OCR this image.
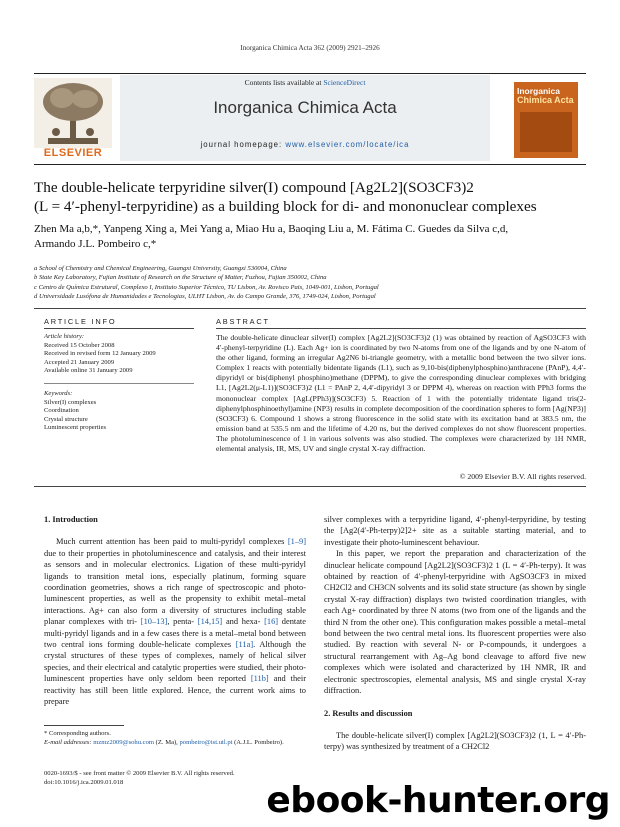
Inorganica Chimica Acta 362 (2009) 2921–2926
Contents lists available at ScienceDirect
Inorganica Chimica Acta
journal homepage: www.elsevier.com/locate/ica
ELSEVIER
Inorganica
Chimica Acta
The double-helicate terpyridine silver(I) compound [Ag2L2](SO3CF3)2
(L = 4′-phenyl-terpyridine) as a building block for di- and mononuclear complexes
Zhen Ma a,b,*, Yanpeng Xing a, Mei Yang a, Miao Hu a, Baoqing Liu a, M. Fátima C. Guedes da Silva c,d,
Armando J.L. Pombeiro c,*
a School of Chemistry and Chemical Engineering, Guangxi University, Guangxi 530004, China
b State Key Laboratory, Fujian Institute of Research on the Structure of Matter, Fuzhou, Fujian 350002, China
c Centro de Química Estrutural, Complexo I, Instituto Superior Técnico, TU Lisbon, Av. Rovisco Pais, 1049-001, Lisbon, Portugal
d Universidade Lusófona de Humanidades e Tecnologias, ULHT Lisbon, Av. do Campo Grande, 376, 1749-024, Lisbon, Portugal
ARTICLE INFO
Article history:
Received 15 October 2008
Received in revised form 12 January 2009
Accepted 21 January 2009
Available online 31 January 2009
Keywords:
Silver(I) complexes
Coordination
Crystal structure
Luminescent properties
ABSTRACT
The double-helicate dinuclear silver(I) complex [Ag2L2](SO3CF3)2 (1) was obtained by reaction of AgSO3CF3 with 4′-phenyl-terpyridine (L). Each Ag+ ion is coordinated by two N-atoms from one of the ligands and by one N-atom of the other ligand, forming an irregular Ag2N6 bi-triangle geometry, with a metallic bond between the two silver ions. Complex 1 reacts with potentially bidentate ligands (L1), such as 9,10-bis(diphenylphosphino)anthracene (PAnP), 4,4′-dipyridyl or bis(diphenyl phosphino)methane (DPPM), to give the corresponding dinuclear complexes with bridging L1, [Ag2L2(μ-L1)](SO3CF3)2 (L1 = PAnP 2, 4,4′-dipyridyl 3 or DPPM 4), whereas on reaction with PPh3 forms the mononuclear complex [AgL(PPh3)](SO3CF3) 5. Reaction of 1 with the potentially tridentate ligand tris(2-diphenylphosphinoethyl)amine (NP3) results in complete decomposition of the coordination spheres to form [Ag(NP3)](SO3CF3) 6. Compound 1 shows a strong fluorescence in the solid state with its excitation band at 383.5 nm, the emission band at 535.5 nm and the lifetime of 4.20 ns, but the derived complexes do not show fluorescent properties. The photoluminescence of 1 in various solvents was also studied. The complexes were characterized by 1H NMR, elemental analysis, IR, MS, UV and single crystal X-ray diffraction.
© 2009 Elsevier B.V. All rights reserved.

1. Introduction

Much current attention has been paid to multi-pyridyl complexes [1–9] due to their properties in photoluminescence and catalysis, and their interest as sensors and in molecular electronics. Ligation of these multi-pyridyl ligands to transition metal ions, especially platinum, forming square coordination geometries, shows a rich range of spectroscopic and photo-luminescent properties, as well as the propensity to exhibit metal–metal interactions. Ag+ can also form a diversity of structures including stable planar complexes with tri- [10–13], penta- [14,15] and hexa- [16] dentate multi-pyridyl ligands and in a few cases there is a metal–metal bond between two central ions forming double-helicate complexes [11a]. Although the crystal structures of these types of complexes, namely of helical silver species, and their electrical and catalytic properties were studied, their photo-luminescent properties have only seldom been reported [11b] and their reactivity has still been little explored. Hence, the current work aims to prepare

silver complexes with a terpyridine ligand, 4′-phenyl-terpyridine, by testing the [Ag2(4′-Ph-terpy)2]2+ site as a suitable starting material, and to investigate their photo-luminescent behaviour.

In this paper, we report the preparation and characterization of the dinuclear helicate compound [Ag2L2](SO3CF3)2 1 (L = 4′-Ph-terpy). It was obtained by reaction of 4′-phenyl-terpyridine with AgSO3CF3 in mixed CH2Cl2 and CH3CN solvents and its solid state structure (as shown by single crystal X-ray diffraction) displays two twisted coordination triangles, with each Ag+ coordinated by three N atoms (two from one of the ligands and the third N from the other one). This configuration makes possible a metal–metal bond between the two central metal ions. Its fluorescent properties were also studied. By reaction with several N- or P-compounds, it undergoes a structural rearrangement with Ag–Ag bond cleavage to afford five new complexes which were isolated and characterized by 1H NMR, IR and electronic spectroscopies, elemental analysis, MS and single crystal X-ray diffraction.

2. Results and discussion

The double-helicate silver(I) complex [Ag2L2](SO3CF3)2 (1, L = 4′-Ph-terpy) was synthesized by treatment of a CH2Cl2

* Corresponding authors.
E-mail addresses: mzmz2009@sohu.com (Z. Ma), pombeiro@ist.utl.pt (A.J.L. Pombeiro).
0020-1693/$ - see front matter © 2009 Elsevier B.V. All rights reserved.
doi:10.1016/j.ica.2009.01.018	ebook-hunter.org
